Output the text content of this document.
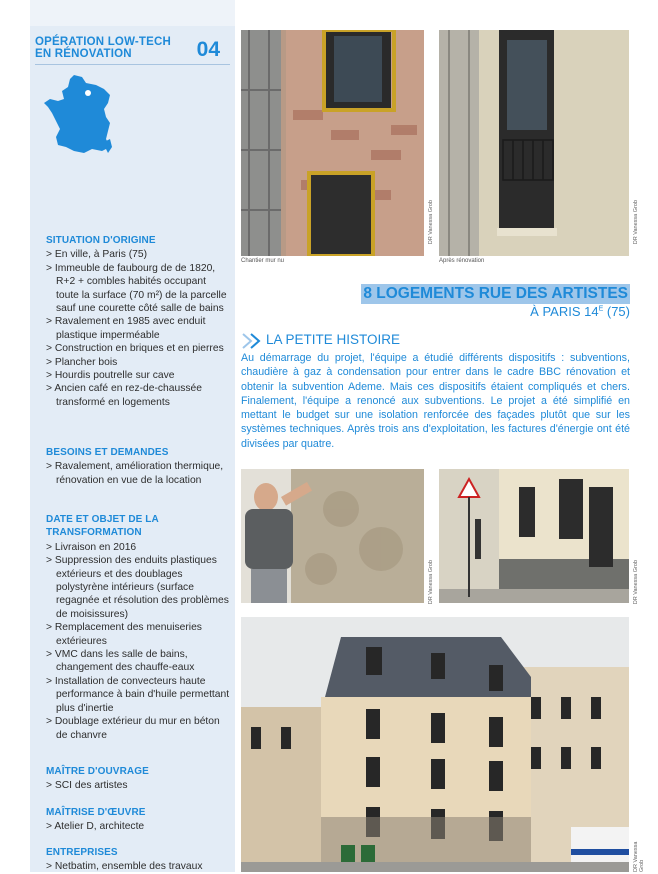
OPÉRATION LOW-TECH
EN RÉNOVATION	04
SITUATION D'ORIGINE
> En ville, à Paris (75)
> Immeuble de faubourg de de 1820, R+2 + combles habités occupant toute la surface (70 m²) de la parcelle sauf une courette côté salle de bains
> Ravalement en 1985 avec enduit plastique imperméable
> Construction en briques et en pierres
> Plancher bois
> Hourdis poutrelle sur cave
> Ancien café en rez-de-chaussée transformé en logements
BESOINS ET DEMANDES
> Ravalement, amélioration thermique, rénovation en vue de la location
DATE ET OBJET DE LA TRANSFORMATION
> Livraison en 2016
> Suppression des enduits plastiques extérieurs et des doublages polystyrène intérieurs (surface regagnée et résolution des problèmes de moisissures)
> Remplacement des menuiseries extérieures
> VMC dans les salle de bains, changement des chauffe-eaux
> Installation de convecteurs haute performance à bain d'huile permettant plus d'inertie
> Doublage extérieur du mur en béton de chanvre
MAÎTRE D'OUVRAGE
> SCI des artistes
MAÎTRISE D'ŒUVRE
> Atelier D, architecte
ENTREPRISES
> Netbatim, ensemble des travaux
Chantier mur nu
DR Vanessa Grob
Après rénovation
DR Vanessa Grob
8 LOGEMENTS RUE DES ARTISTES
À PARIS $14^E$ (75)
LA PETITE HISTOIRE
Au démarrage du projet, l'équipe a étudié différents dispositifs : subventions, chaudière à gaz à condensation pour entrer dans le cadre BBC rénovation et obtenir la subvention Ademe. Mais ces dispositifs étaient compliqués et chers. Finalement, l'équipe a renoncé aux subventions. Le projet a été simplifié en mettant le budget sur une isolation renforcée des façades plutôt que sur les systèmes techniques. Après trois ans d'exploitation, les factures d'énergie ont été divisées par quatre.
DR Vanessa Grob	DR Vanessa Grob
DR Vanessa Grob
